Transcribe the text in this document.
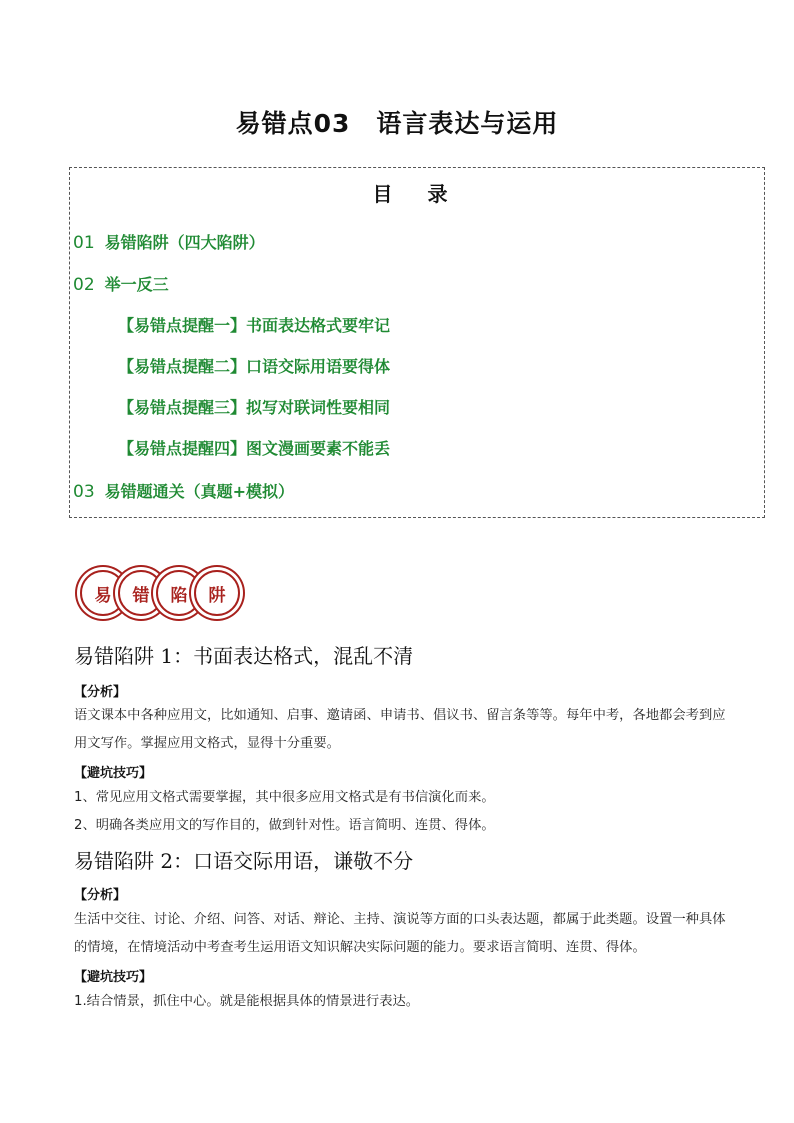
易错点03　语言表达与运用
目 录
01 易错陷阱（四大陷阱）
02 举一反三
【易错点提醒一】书面表达格式要牢记
【易错点提醒二】口语交际用语要得体
【易错点提醒三】拟写对联词性要相同
【易错点提醒四】图文漫画要素不能丢
03 易错题通关（真题+模拟）
易	错	陷	阱
易错陷阱 1：书面表达格式，混乱不清
【分析】
语文课本中各种应用文，比如通知、启事、邀请函、申请书、倡议书、留言条等等。每年中考，各地都会考到应用文写作。掌握应用文格式，显得十分重要。
【避坑技巧】
1、常见应用文格式需要掌握，其中很多应用文格式是有书信演化而来。
2、明确各类应用文的写作目的，做到针对性。语言简明、连贯、得体。
易错陷阱 2：口语交际用语，谦敬不分
【分析】
生活中交往、讨论、介绍、问答、对话、辩论、主持、演说等方面的口头表达题，都属于此类题。设置一种具体的情境，在情境活动中考查考生运用语文知识解决实际问题的能力。要求语言简明、连贯、得体。
【避坑技巧】
1.结合情景，抓住中心。就是能根据具体的情景进行表达。
